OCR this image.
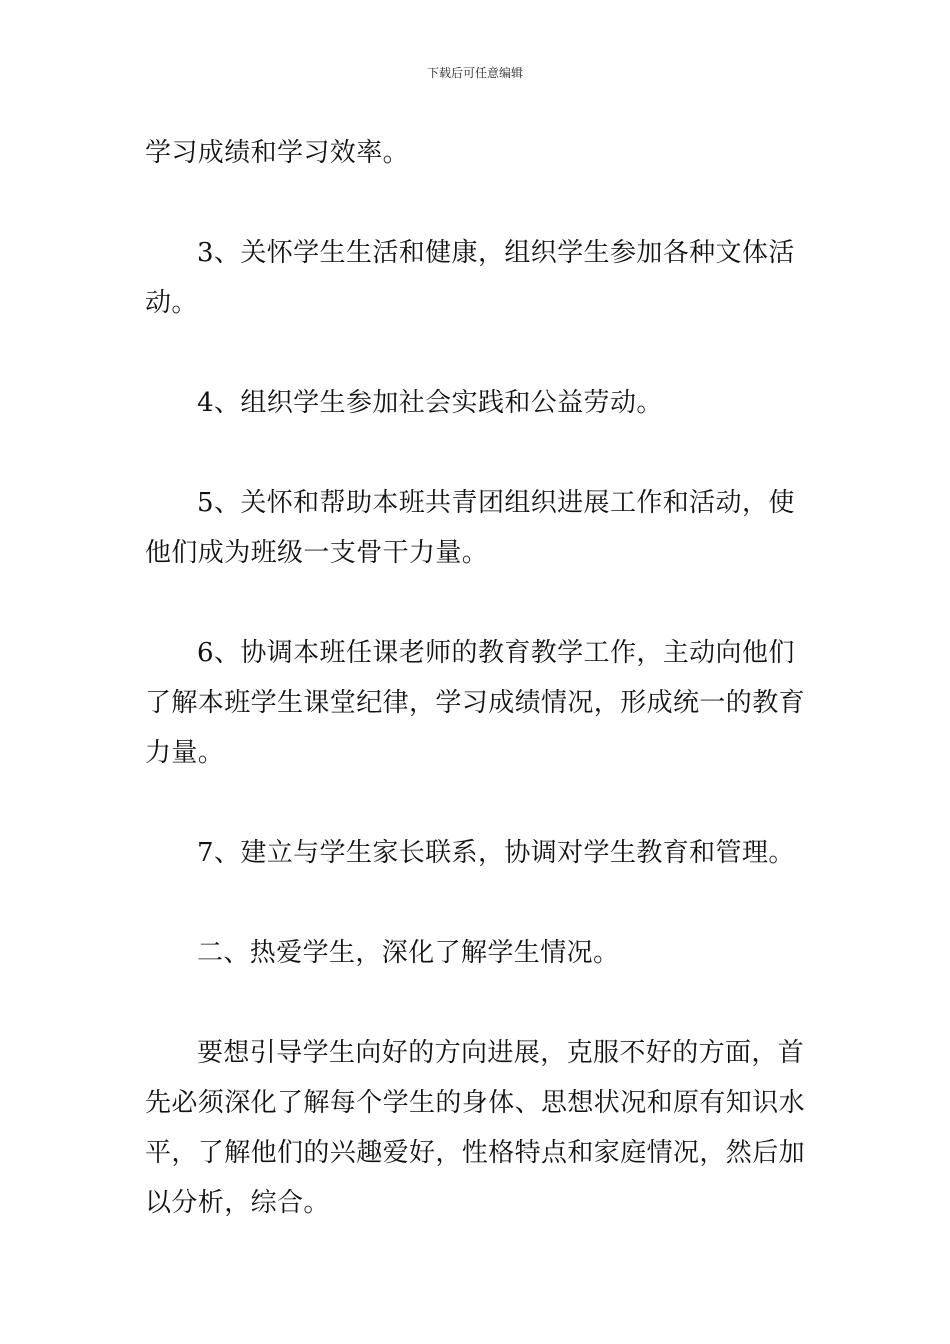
下载后可任意编辑

学习成绩和学习效率。

3、关怀学生生活和健康，组织学生参加各种文体活动。

4、组织学生参加社会实践和公益劳动。

5、关怀和帮助本班共青团组织进展工作和活动，使他们成为班级一支骨干力量。

6、协调本班任课老师的教育教学工作，主动向他们了解本班学生课堂纪律，学习成绩情况，形成统一的教育力量。

7、建立与学生家长联系，协调对学生教育和管理。

二、热爱学生，深化了解学生情况。

要想引导学生向好的方向进展，克服不好的方面，首先必须深化了解每个学生的身体、思想状况和原有知识水平，了解他们的兴趣爱好，性格特点和家庭情况，然后加以分析，综合。
